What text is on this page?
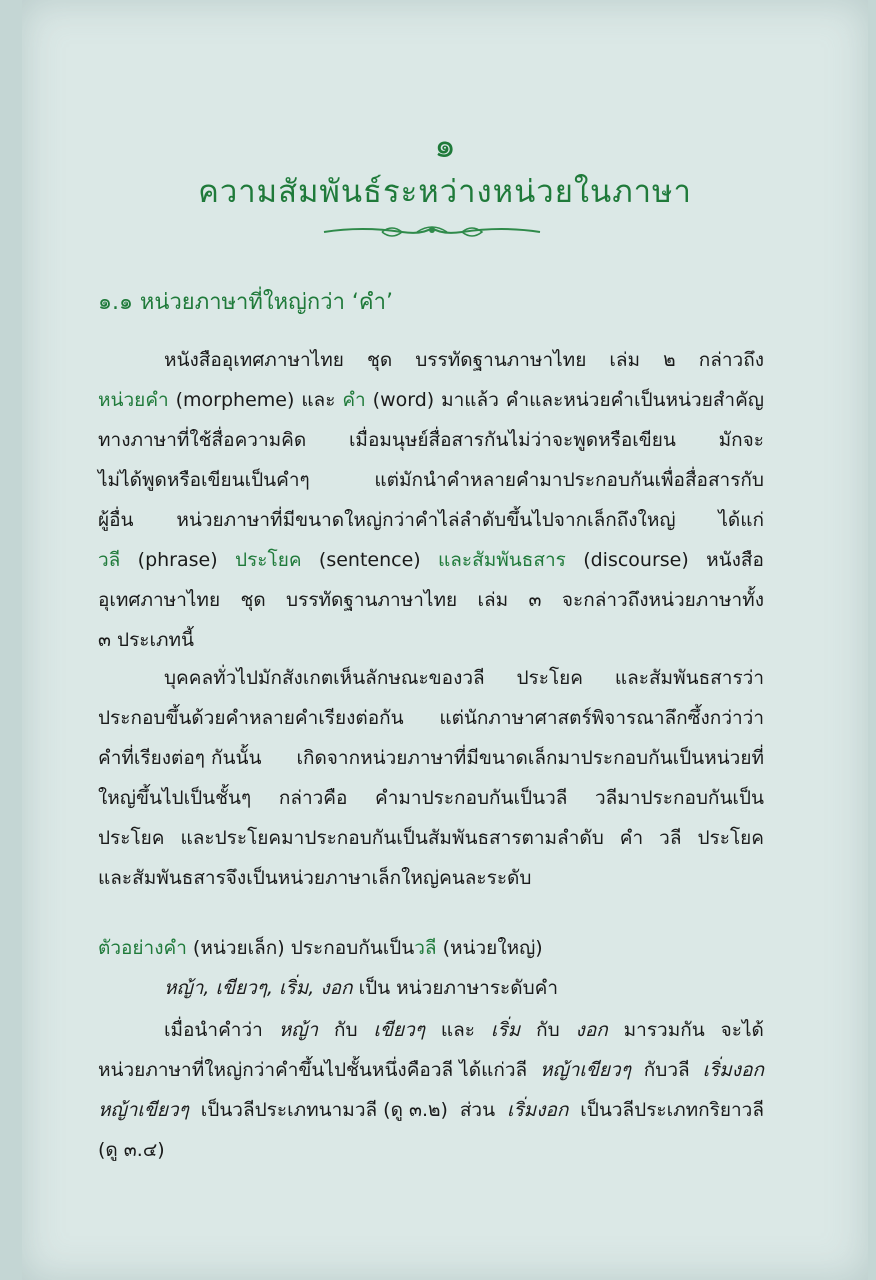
๑
ความสัมพันธ์ระหว่างหน่วยในภาษา
๑.๑ หน่วยภาษาที่ใหญ่กว่า ‘คำ’
หนังสืออุเทศภาษาไทย ชุด บรรทัดฐานภาษาไทย เล่ม ๒ กล่าวถึง
หน่วยคำ (morpheme) และ คำ (word) มาแล้ว คำและหน่วยคำเป็นหน่วยสำคัญ
ทางภาษาที่ใช้สื่อความคิด เมื่อมนุษย์สื่อสารกันไม่ว่าจะพูดหรือเขียน มักจะ
ไม่ได้พูดหรือเขียนเป็นคำๆ	แต่มักนำคำหลายคำมาประกอบกันเพื่อสื่อสารกับ
ผู้อื่น หน่วยภาษาที่มีขนาดใหญ่กว่าคำไล่ลำดับขึ้นไปจากเล็กถึงใหญ่ ได้แก่
วลี (phrase) ประโยค (sentence) และสัมพันธสาร (discourse) หนังสือ
อุเทศภาษาไทย ชุด บรรทัดฐานภาษาไทย เล่ม ๓ จะกล่าวถึงหน่วยภาษาทั้ง
๓ ประเภทนี้
บุคคลทั่วไปมักสังเกตเห็นลักษณะของวลี ประโยค และสัมพันธสารว่า
ประกอบขึ้นด้วยคำหลายคำเรียงต่อกัน แต่นักภาษาศาสตร์พิจารณาลึกซึ้งกว่าว่า
คำที่เรียงต่อๆ กันนั้น เกิดจากหน่วยภาษาที่มีขนาดเล็กมาประกอบกันเป็นหน่วยที่
ใหญ่ขึ้นไปเป็นชั้นๆ กล่าวคือ คำมาประกอบกันเป็นวลี วลีมาประกอบกันเป็น
ประโยค และประโยคมาประกอบกันเป็นสัมพันธสารตามลำดับ คำ วลี ประโยค
และสัมพันธสารจึงเป็นหน่วยภาษาเล็กใหญ่คนละระดับ
ตัวอย่างคำ (หน่วยเล็ก) ประกอบกันเป็น วลี (หน่วยใหญ่)
หญ้า, เขียวๆ, เริ่ม, งอก เป็น หน่วยภาษาระดับคำ
เมื่อนำคำว่า หญ้า กับ เขียวๆ และ เริ่ม กับ งอก มารวมกัน จะได้
หน่วยภาษาที่ใหญ่กว่าคำขึ้นไปชั้นหนึ่งคือวลี ได้แก่วลี หญ้าเขียวๆ กับวลี เริ่มงอก
หญ้าเขียวๆ เป็นวลีประเภทนามวลี (ดู ๓.๒) ส่วน เริ่มงอก เป็นวลีประเภทกริยาวลี
(ดู ๓.๔)
